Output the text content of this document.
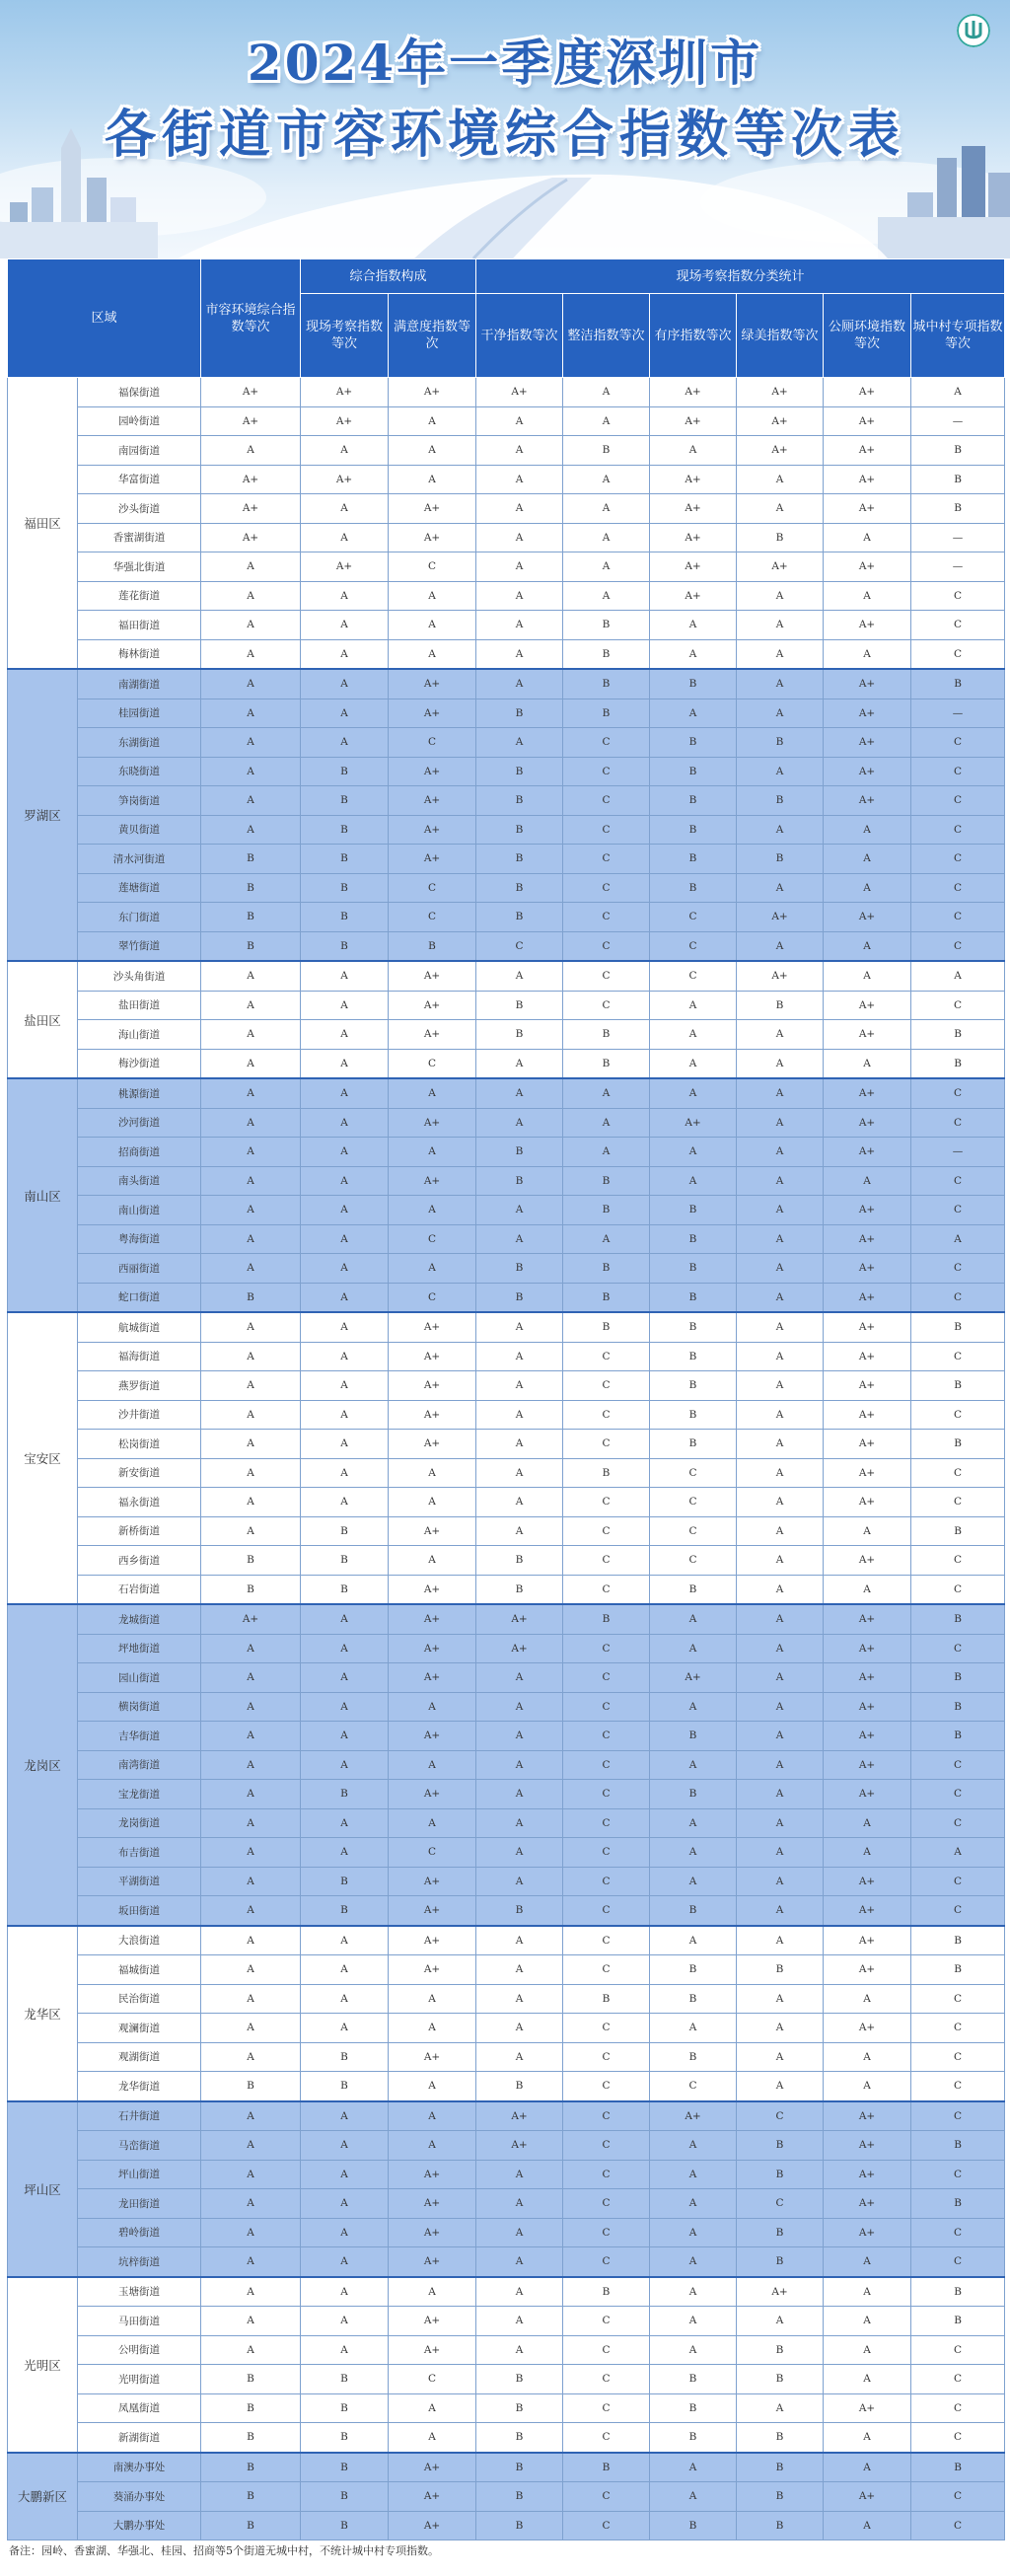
2024年一季度深圳市
各街道市容环境综合指数等次表
区域		市容环境综合指数等次	综合指数构成		现场考察指数分类统计					
			现场考察指数等次	满意度指数等次	干净指数等次	整洁指数等次	有序指数等次	绿美指数等次	公厕环境指数等次	城中村专项指数等次
福田区	福保街道	A+	A+	A+	A+	A	A+	A+	A+	A
	园岭街道	A+	A+	A	A	A	A+	A+	A+	—
	南园街道	A	A	A	A	B	A	A+	A+	B
	华富街道	A+	A+	A	A	A	A+	A	A+	B
	沙头街道	A+	A	A+	A	A	A+	A	A+	B
	香蜜湖街道	A+	A	A+	A	A	A+	B	A	—
	华强北街道	A	A+	C	A	A	A+	A+	A+	—
	莲花街道	A	A	A	A	A	A+	A	A	C
	福田街道	A	A	A	A	B	A	A	A+	C
	梅林街道	A	A	A	A	B	A	A	A	C
罗湖区	南湖街道	A	A	A+	A	B	B	A	A+	B
	桂园街道	A	A	A+	B	B	A	A	A+	—
	东湖街道	A	A	C	A	C	B	B	A+	C
	东晓街道	A	B	A+	B	C	B	A	A+	C
	笋岗街道	A	B	A+	B	C	B	B	A+	C
	黄贝街道	A	B	A+	B	C	B	A	A	C
	清水河街道	B	B	A+	B	C	B	B	A	C
	莲塘街道	B	B	C	B	C	B	A	A	C
	东门街道	B	B	C	B	C	C	A+	A+	C
	翠竹街道	B	B	B	C	C	C	A	A	C
盐田区	沙头角街道	A	A	A+	A	C	C	A+	A	A
	盐田街道	A	A	A+	B	C	A	B	A+	C
	海山街道	A	A	A+	B	B	A	A	A+	B
	梅沙街道	A	A	C	A	B	A	A	A	B
南山区	桃源街道	A	A	A	A	A	A	A	A+	C
	沙河街道	A	A	A+	A	A	A+	A	A+	C
	招商街道	A	A	A	B	A	A	A	A+	—
	南头街道	A	A	A+	B	B	A	A	A	C
	南山街道	A	A	A	A	B	B	A	A+	C
	粤海街道	A	A	C	A	A	B	A	A+	A
	西丽街道	A	A	A	B	B	B	A	A+	C
	蛇口街道	B	A	C	B	B	B	A	A+	C
宝安区	航城街道	A	A	A+	A	B	B	A	A+	B
	福海街道	A	A	A+	A	C	B	A	A+	C
	燕罗街道	A	A	A+	A	C	B	A	A+	B
	沙井街道	A	A	A+	A	C	B	A	A+	C
	松岗街道	A	A	A+	A	C	B	A	A+	B
	新安街道	A	A	A	A	B	C	A	A+	C
	福永街道	A	A	A	A	C	C	A	A+	C
	新桥街道	A	B	A+	A	C	C	A	A	B
	西乡街道	B	B	A	B	C	C	A	A+	C
	石岩街道	B	B	A+	B	C	B	A	A	C
龙岗区	龙城街道	A+	A	A+	A+	B	A	A	A+	B
	坪地街道	A	A	A+	A+	C	A	A	A+	C
	园山街道	A	A	A+	A	C	A+	A	A+	B
	横岗街道	A	A	A	A	C	A	A	A+	B
	吉华街道	A	A	A+	A	C	B	A	A+	B
	南湾街道	A	A	A	A	C	A	A	A+	C
	宝龙街道	A	B	A+	A	C	B	A	A+	C
	龙岗街道	A	A	A	A	C	A	A	A	C
	布吉街道	A	A	C	A	C	A	A	A	A
	平湖街道	A	B	A+	A	C	A	A	A+	C
	坂田街道	A	B	A+	B	C	B	A	A+	C
龙华区	大浪街道	A	A	A+	A	C	A	A	A+	B
	福城街道	A	A	A+	A	C	B	B	A+	B
	民治街道	A	A	A	A	B	B	A	A	C
	观澜街道	A	A	A	A	C	A	A	A+	C
	观湖街道	A	B	A+	A	C	B	A	A	C
	龙华街道	B	B	A	B	C	C	A	A	C
坪山区	石井街道	A	A	A	A+	C	A+	C	A+	C
	马峦街道	A	A	A	A+	C	A	B	A+	B
	坪山街道	A	A	A+	A	C	A	B	A+	C
	龙田街道	A	A	A+	A	C	A	C	A+	B
	碧岭街道	A	A	A+	A	C	A	B	A+	C
	坑梓街道	A	A	A+	A	C	A	B	A	C
光明区	玉塘街道	A	A	A	A	B	A	A+	A	B
	马田街道	A	A	A+	A	C	A	A	A	B
	公明街道	A	A	A+	A	C	A	B	A	C
	光明街道	B	B	C	B	C	B	B	A	C
	凤凰街道	B	B	A	B	C	B	A	A+	C
	新湖街道	B	B	A	B	C	B	B	A	C
大鹏新区	南澳办事处	B	B	A+	B	B	A	B	A	B
	葵涌办事处	B	B	A+	B	C	A	B	A+	C
	大鹏办事处	B	B	A+	B	C	B	B	A	C
备注：园岭、香蜜湖、华强北、桂园、招商等5个街道无城中村，不统计城中村专项指数。
